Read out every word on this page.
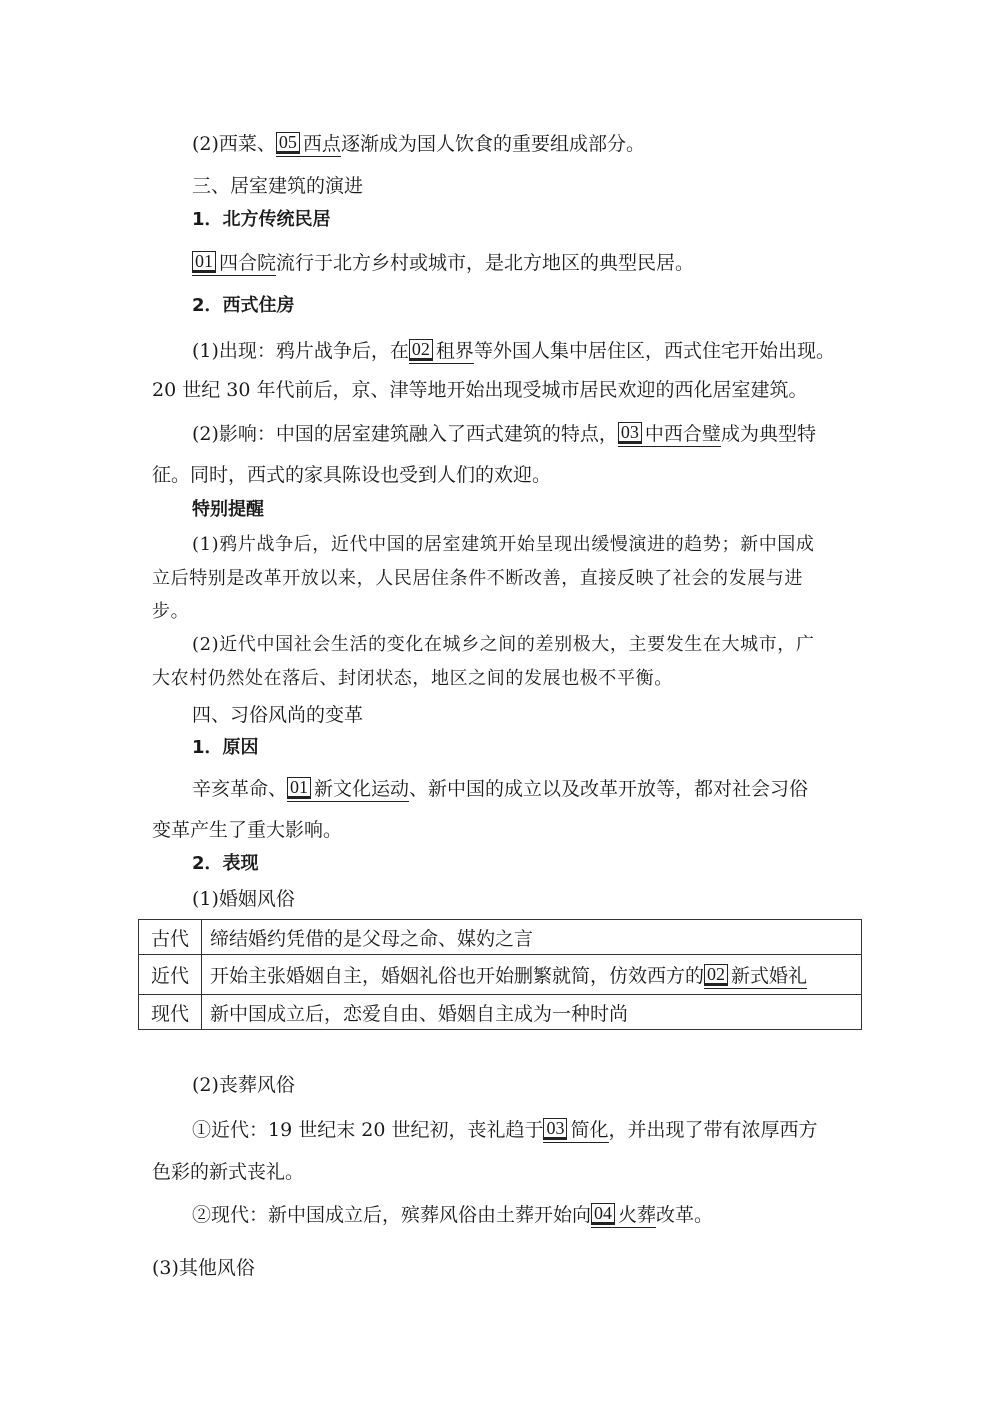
(2)西菜、 05 西点逐渐成为国人饮食的重要组成部分。
三、居室建筑的演进
1．北方传统民居
01 四合院流行于北方乡村或城市，是北方地区的典型民居。
2．西式住房
(1)出现：鸦片战争后，在 02 租界等外国人集中居住区，西式住宅开始出现。
20 世纪 30 年代前后，京、津等地开始出现受城市居民欢迎的西化居室建筑。
(2)影响：中国的居室建筑融入了西式建筑的特点， 03 中西合璧成为典型特
征。同时，西式的家具陈设也受到人们的欢迎。
特别提醒
(1)鸦片战争后，近代中国的居室建筑开始呈现出缓慢演进的趋势；新中国成
立后特别是改革开放以来，人民居住条件不断改善，直接反映了社会的发展与进
步。
(2)近代中国社会生活的变化在城乡之间的差别极大，主要发生在大城市，广
大农村仍然处在落后、封闭状态，地区之间的发展也极不平衡。
四、习俗风尚的变革
1．原因
辛亥革命、 01 新文化运动、新中国的成立以及改革开放等，都对社会习俗
变革产生了重大影响。
2．表现
(1)婚姻风俗
古代	缔结婚约凭借的是父母之命、媒妁之言
近代	开始主张婚姻自主，婚姻礼俗也开始删繁就简，仿效西方的 02 新式婚礼
现代	新中国成立后，恋爱自由、婚姻自主成为一种时尚
(2)丧葬风俗
①近代：19 世纪末 20 世纪初，丧礼趋于 03 简化，并出现了带有浓厚西方
色彩的新式丧礼。
②现代：新中国成立后，殡葬风俗由土葬开始向 04 火葬改革。
(3)其他风俗
